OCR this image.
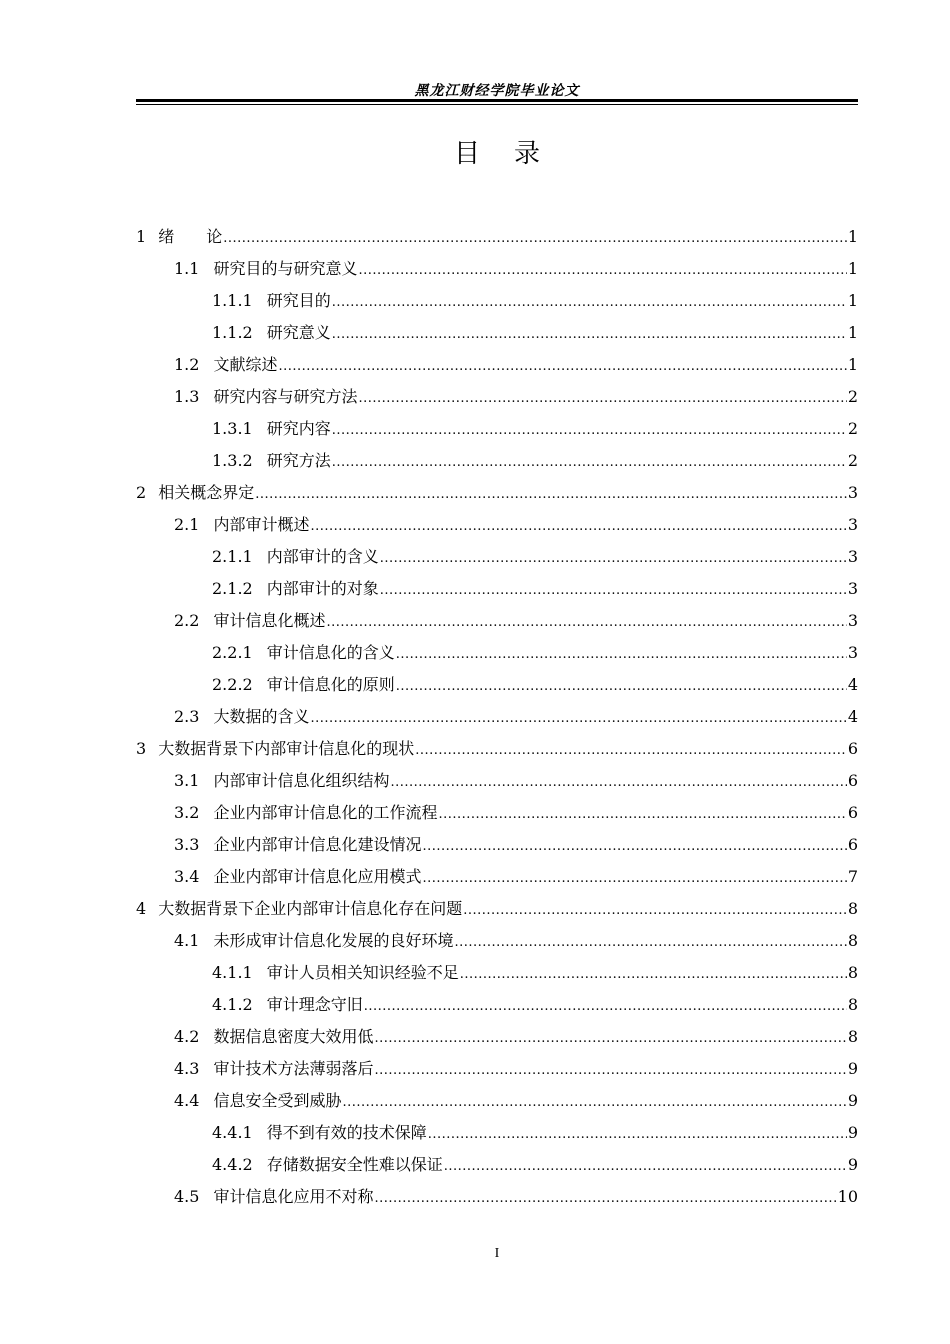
黑龙江财经学院毕业论文
目录
1 绪　　论 .....	1
1.1 研究目的与研究意义 .....	1
1.1.1 研究目的 .....	1
1.1.2 研究意义 .....	1
1.2 文献综述 .....	1
1.3 研究内容与研究方法 .....	2
1.3.1 研究内容 .....	2
1.3.2 研究方法 .....	2
2 相关概念界定 .....	3
2.1 内部审计概述 .....	3
2.1.1 内部审计的含义 .....	3
2.1.2 内部审计的对象 .....	3
2.2 审计信息化概述 .....	3
2.2.1 审计信息化的含义 .....	3
2.2.2 审计信息化的原则 .....	4
2.3 大数据的含义 .....	4
3 大数据背景下内部审计信息化的现状 .....	6
3.1 内部审计信息化组织结构 .....	6
3.2 企业内部审计信息化的工作流程 .....	6
3.3 企业内部审计信息化建设情况 .....	6
3.4 企业内部审计信息化应用模式 .....	7
4 大数据背景下企业内部审计信息化存在问题 .....	8
4.1 未形成审计信息化发展的良好环境 .....	8
4.1.1 审计人员相关知识经验不足 .....	8
4.1.2 审计理念守旧 .....	8
4.2 数据信息密度大效用低 .....	8
4.3 审计技术方法薄弱落后 .....	9
4.4 信息安全受到威胁 .....	9
4.4.1 得不到有效的技术保障 .....	9
4.4.2 存储数据安全性难以保证 .....	9
4.5 审计信息化应用不对称 .....	10
I
